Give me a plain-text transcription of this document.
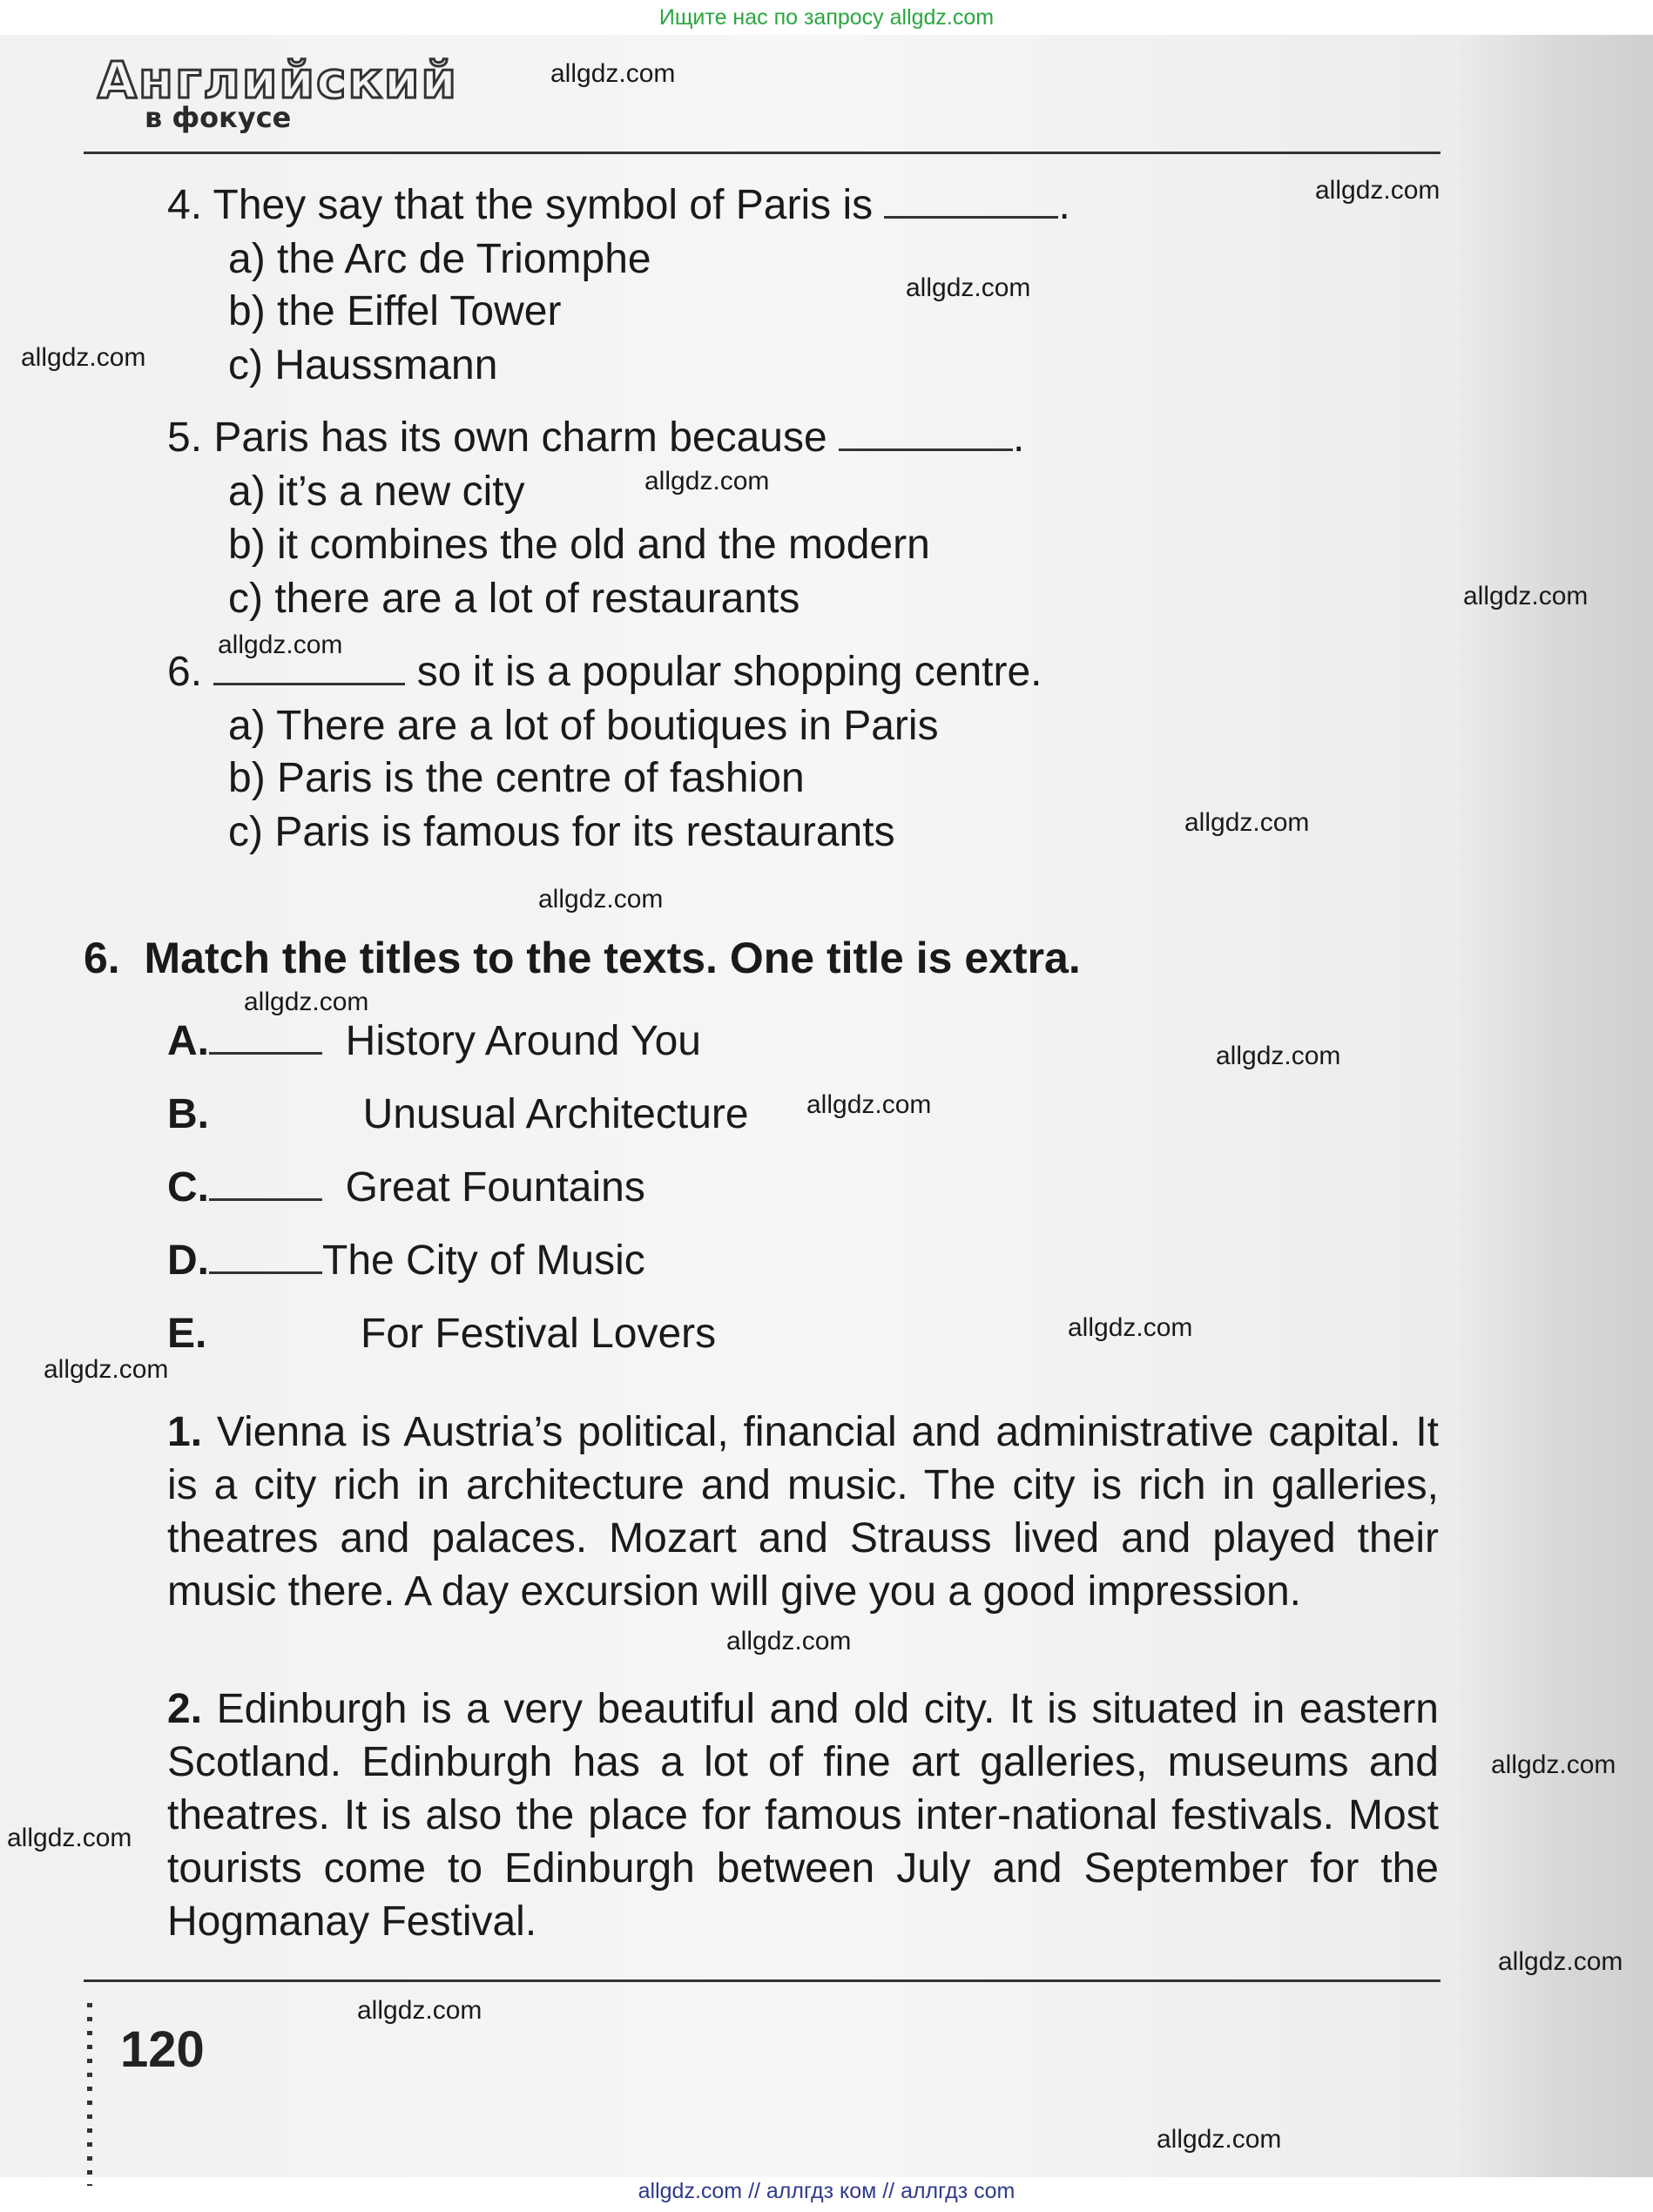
Ищите нас по запросу allgdz.com
Английский
в фокусе
4. They say that the symbol of Paris is	.
a) the Arc de Triomphe
b) the Eiffel Tower
c) Haussmann
5. Paris has its own charm because	.
a) it’s a new city
b) it combines the old and the modern
c) there are a lot of restaurants
6.	so it is a popular shopping centre.
a) There are a lot of boutiques in Paris
b) Paris is the centre of fashion
c) Paris is famous for its restaurants
6. Match the titles to the texts. One title is extra.
A.	History Around You
B.	Unusual Architecture
C.	Great Fountains
D.	The City of Music
E.	For Festival Lovers
1. Vienna is Austria’s political, financial and administrative capital. It is a city rich in architecture and music. The city is rich in galleries, theatres and palaces. Mozart and Strauss lived and played their music there. A day excursion will give you a good impression.
2. Edinburgh is a very beautiful and old city. It is situated in eastern Scotland. Edinburgh has a lot of fine art galleries, museums and theatres. It is also the place for famous inter-national festivals. Most tourists come to Edinburgh between July and September for the Hogmanay Festival.
120
allgdz.com
allgdz.com
allgdz.com
allgdz.com
allgdz.com
allgdz.com
allgdz.com
allgdz.com
allgdz.com
allgdz.com
allgdz.com
allgdz.com
allgdz.com
allgdz.com
allgdz.com
allgdz.com
allgdz.com
allgdz.com
allgdz.com
allgdz.com
allgdz.com // аллгдз ком // аллгдз com
